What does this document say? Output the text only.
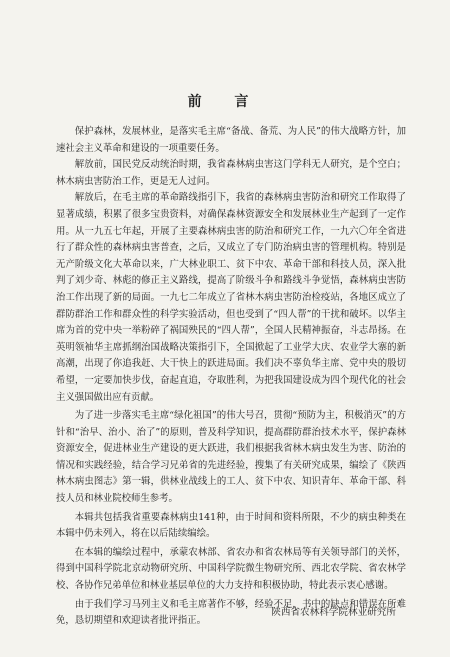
前 言

保护森林，发展林业，是落实毛主席“备战、备荒、为人民”的伟大战略方针，加速社会主义革命和建设的一项重要任务。

解放前，国民党反动统治时期，我省森林病虫害这门学科无人研究，是个空白；林木病虫害防治工作，更是无人过问。

解放后，在毛主席的革命路线指引下，我省的森林病虫害防治和研究工作取得了显著成绩，积累了很多宝贵资料，对确保森林资源安全和发展林业生产起到了一定作用。从一九五七年起，开展了主要森林病虫害的防治和研究工作，一九六〇年全省进行了群众性的森林病虫害普查，之后，又成立了专门防治病虫害的管理机构。特别是无产阶级文化大革命以来，广大林业职工、贫下中农、革命干部和科技人员，深入批判了刘少奇、林彪的修正主义路线，提高了阶级斗争和路线斗争觉悟，森林病虫害防治工作出现了新的局面。一九七二年成立了省林木病虫害防治检疫站，各地区成立了群防群治工作和群众性的科学实验活动，但也受到了“四人帮”的干扰和破坏。以华主席为首的党中央一举粉碎了祸国殃民的“四人帮”，全国人民精神振奋，斗志昂扬。在英明领袖华主席抓纲治国战略决策指引下，全国掀起了工业学大庆、农业学大寨的新高潮，出现了你追我赶、大干快上的跃进局面。我们决不辜负华主席、党中央的殷切希望，一定要加快步伐，奋起直追，夺取胜利，为把我国建设成为四个现代化的社会主义强国做出应有贡献。

为了进一步落实毛主席“绿化祖国”的伟大号召，贯彻“预防为主，积极消灭”的方针和“治早、治小、治了”的原则，普及科学知识，提高群防群治技术水平，保护森林资源安全，促进林业生产建设的更大跃进，我们根据我省林木病虫发生为害、防治的情况和实践经验，结合学习兄弟省的先进经验，搜集了有关研究成果，编绘了《陕西林木病虫图志》第一辑，供林业战线上的工人、贫下中农、知识青年、革命干部、科技人员和林业院校师生参考。

本辑共包括我省重要森林病虫141种，由于时间和资料所限，不少的病虫种类在本辑中仍未列入，将在以后陆续编绘。

在本辑的编绘过程中，承蒙农林部、省农办和省农林局等有关领导部门的关怀，得到中国科学院北京动物研究所、中国科学院微生物研究所、西北农学院、省农林学校、各协作兄弟单位和林业基层单位的大力支持和积极协助，特此表示衷心感谢。

由于我们学习马列主义和毛主席著作不够，经验不足，书中的缺点和错误在所难免，恳切期望和欢迎读者批评指正。

陕西省农林科学院林业研究所
